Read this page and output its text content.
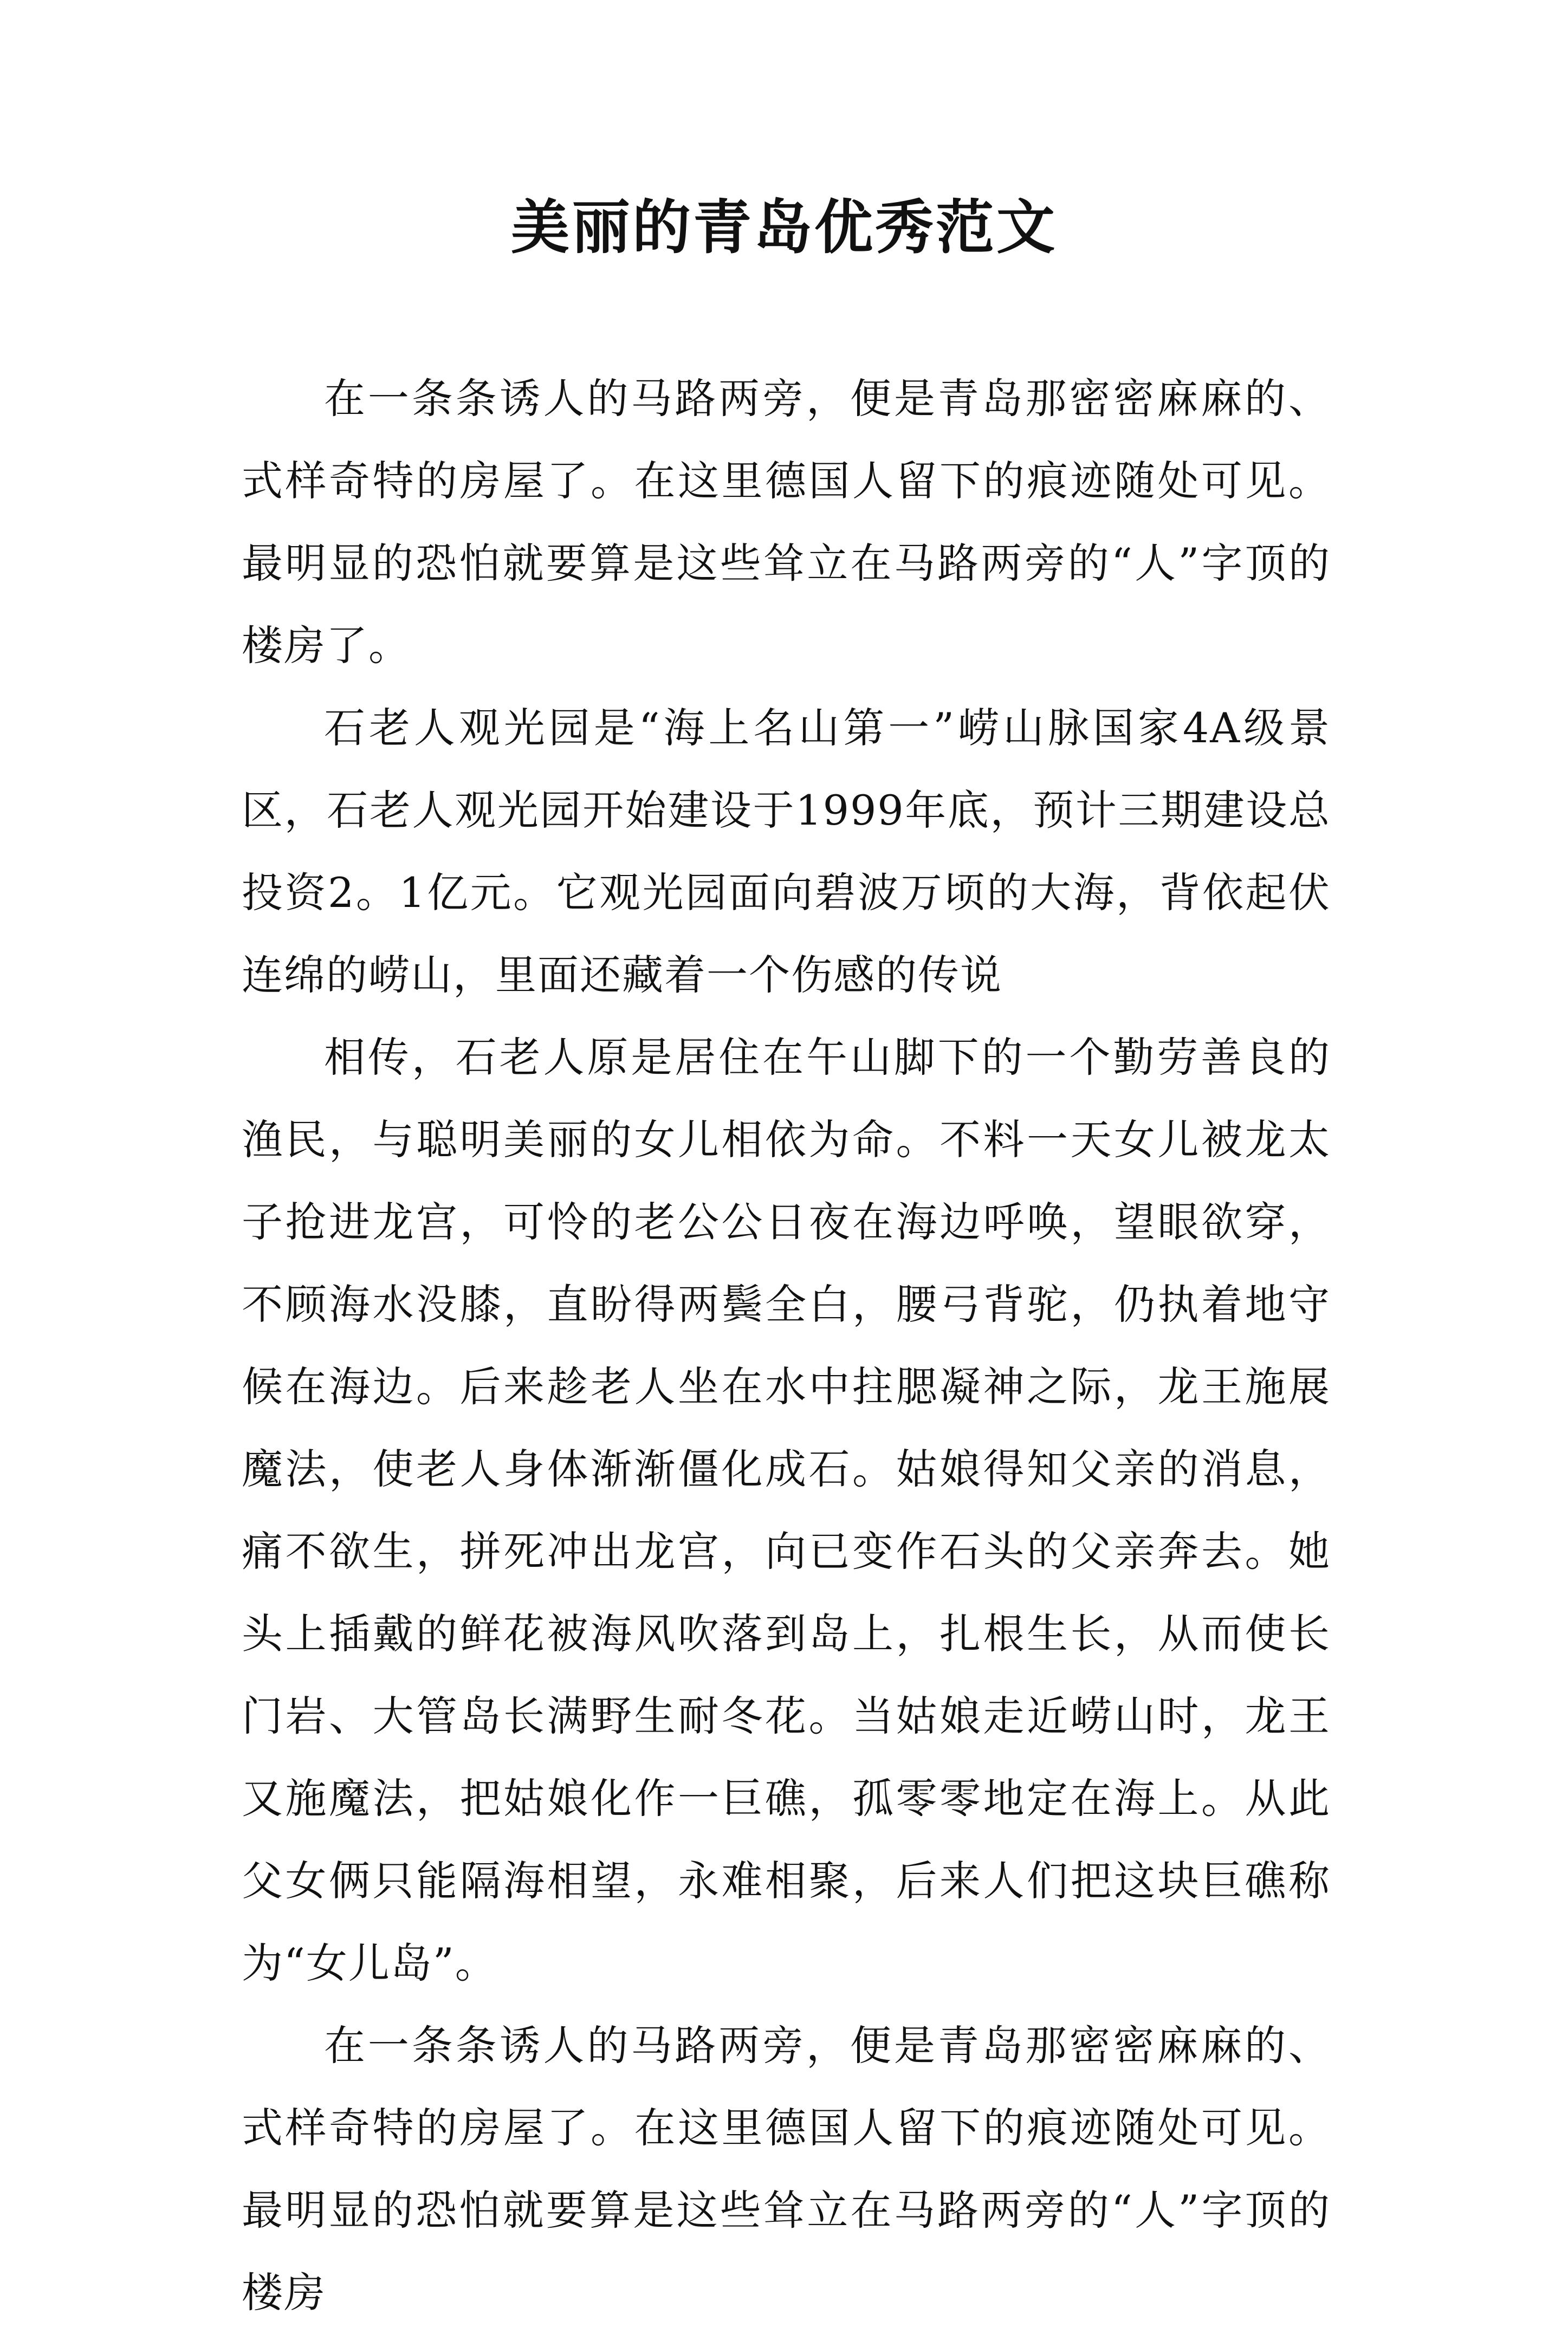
美丽的青岛优秀范文

在一条条诱人的马路两旁，便是青岛那密密麻麻的、式样奇特的房屋了。在这里德国人留下的痕迹随处可见。最明显的恐怕就要算是这些耸立在马路两旁的“人”字顶的楼房了。

石老人观光园是“海上名山第一”崂山脉国家4A级景区，石老人观光园开始建设于1999年底，预计三期建设总投资2。1亿元。它观光园面向碧波万顷的大海，背依起伏连绵的崂山，里面还藏着一个伤感的传说

相传，石老人原是居住在午山脚下的一个勤劳善良的渔民，与聪明美丽的女儿相依为命。不料一天女儿被龙太子抢进龙宫，可怜的老公公日夜在海边呼唤，望眼欲穿，不顾海水没膝，直盼得两鬓全白，腰弓背驼，仍执着地守候在海边。后来趁老人坐在水中拄腮凝神之际，龙王施展魔法，使老人身体渐渐僵化成石。姑娘得知父亲的消息，痛不欲生，拼死冲出龙宫，向已变作石头的父亲奔去。她头上插戴的鲜花被海风吹落到岛上，扎根生长，从而使长门岩、大管岛长满野生耐冬花。当姑娘走近崂山时，龙王又施魔法，把姑娘化作一巨礁，孤零零地定在海上。从此父女俩只能隔海相望，永难相聚，后来人们把这块巨礁称为“女儿岛”。

在一条条诱人的马路两旁，便是青岛那密密麻麻的、式样奇特的房屋了。在这里德国人留下的痕迹随处可见。最明显的恐怕就要算是这些耸立在马路两旁的“人”字顶的楼房
